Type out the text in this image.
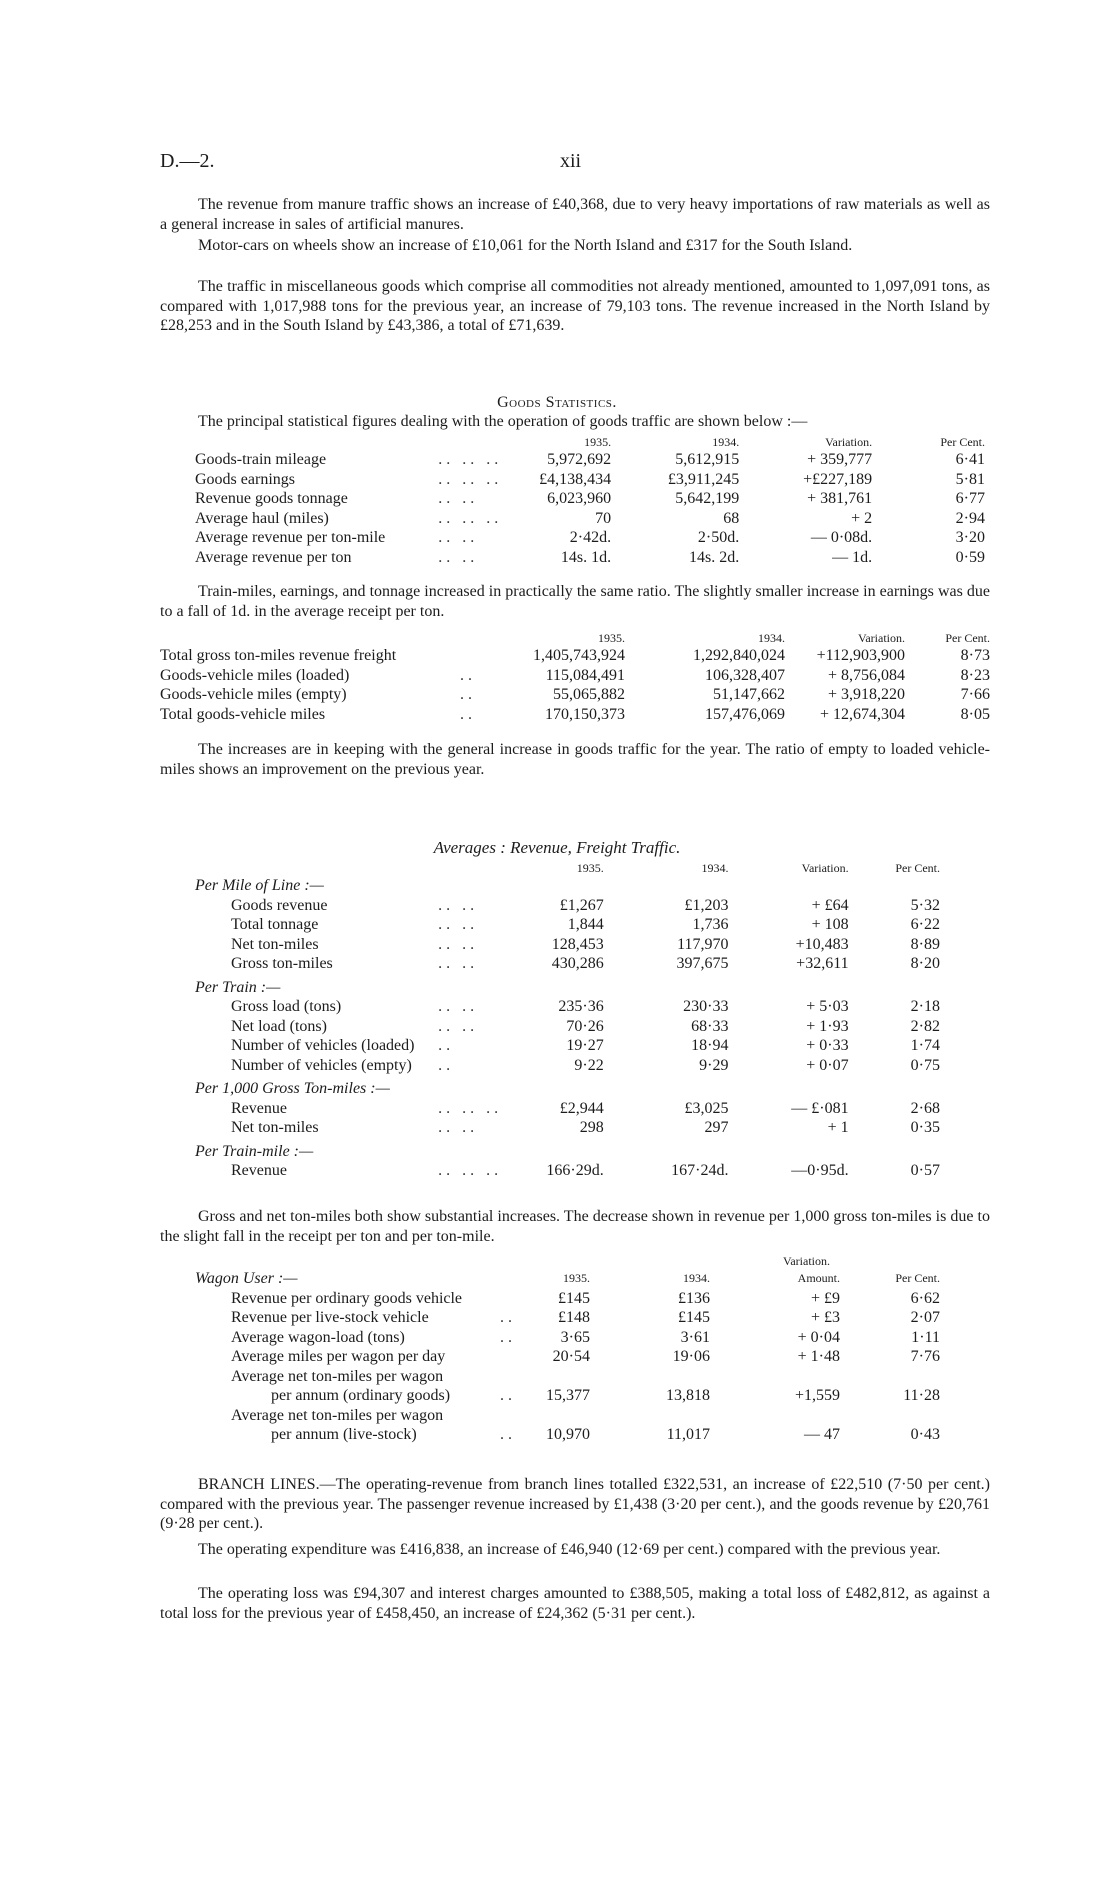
D.—2.	xii

The revenue from manure traffic shows an increase of £40,368, due to very heavy importations of raw materials as well as a general increase in sales of artificial manures.

Motor-cars on wheels show an increase of £10,061 for the North Island and £317 for the South Island.

The traffic in miscellaneous goods which comprise all commodities not already mentioned, amounted to 1,097,091 tons, as compared with 1,017,988 tons for the previous year, an increase of 79,103 tons. The revenue increased in the North Island by £28,253 and in the South Island by £43,386, a total of £71,639.

Goods Statistics.

The principal statistical figures dealing with the operation of goods traffic are shown below :—

		1935.	1934.	Variation.	Per Cent.
Goods-train mileage	.. .. ..	5,972,692	5,612,915	+ 359,777	6·41
Goods earnings	.. .. ..	£4,138,434	£3,911,245	+£227,189	5·81
Revenue goods tonnage	.. ..	6,023,960	5,642,199	+ 381,761	6·77
Average haul (miles)	.. .. ..	70	68	+ 2	2·94
Average revenue per ton-mile	.. ..	2·42d.	2·50d.	— 0·08d.	3·20
Average revenue per ton	.. ..	14s. 1d.	14s. 2d.	— 1d.	0·59

Train-miles, earnings, and tonnage increased in practically the same ratio. The slightly smaller increase in earnings was due to a fall of 1d. in the average receipt per ton.

		1935.	1934.	Variation.	Per Cent.
Total gross ton-miles revenue freight		1,405,743,924	1,292,840,024	+112,903,900	8·73
Goods-vehicle miles (loaded)	..	115,084,491	106,328,407	+ 8,756,084	8·23
Goods-vehicle miles (empty)	..	55,065,882	51,147,662	+ 3,918,220	7·66
Total goods-vehicle miles	..	170,150,373	157,476,069	+ 12,674,304	8·05

The increases are in keeping with the general increase in goods traffic for the year. The ratio of empty to loaded vehicle-miles shows an improvement on the previous year.

Averages : Revenue, Freight Traffic.
		1935.	1934.	Variation.	Per Cent.
Per Mile of Line :—					
Goods revenue	.. ..	£1,267	£1,203	+ £64	5·32
Total tonnage	.. ..	1,844	1,736	+ 108	6·22
Net ton-miles	.. ..	128,453	117,970	+10,483	8·89
Gross ton-miles	.. ..	430,286	397,675	+32,611	8·20
Per Train :—					
Gross load (tons)	.. ..	235·36	230·33	+ 5·03	2·18
Net load (tons)	.. ..	70·26	68·33	+ 1·93	2·82
Number of vehicles (loaded)	..	19·27	18·94	+ 0·33	1·74
Number of vehicles (empty)	..	9·22	9·29	+ 0·07	0·75
Per 1,000 Gross Ton-miles :—					
Revenue	.. .. ..	£2,944	£3,025	— £·081	2·68
Net ton-miles	.. ..	298	297	+ 1	0·35
Per Train-mile :—					
Revenue	.. .. ..	166·29d.	167·24d.	—0·95d.	0·57

Gross and net ton-miles both show substantial increases. The decrease shown in revenue per 1,000 gross ton-miles is due to the slight fall in the receipt per ton and per ton-mile.

				Variation.	
Wagon User :—		1935.	1934.	Amount.	Per Cent.
Revenue per ordinary goods vehicle		£145	£136	+ £9	6·62
Revenue per live-stock vehicle	..	£148	£145	+ £3	2·07
Average wagon-load (tons)	..	3·65	3·61	+ 0·04	1·11
Average miles per wagon per day		20·54	19·06	+ 1·48	7·76
Average net ton-miles per wagon					
per annum (ordinary goods)	..	15,377	13,818	+1,559	11·28
Average net ton-miles per wagon					
per annum (live-stock)	..	10,970	11,017	— 47	0·43

BRANCH LINES.—The operating-revenue from branch lines totalled £322,531, an increase of £22,510 (7·50 per cent.) compared with the previous year. The passenger revenue increased by £1,438 (3·20 per cent.), and the goods revenue by £20,761 (9·28 per cent.).

The operating expenditure was £416,838, an increase of £46,940 (12·69 per cent.) compared with the previous year.

The operating loss was £94,307 and interest charges amounted to £388,505, making a total loss of £482,812, as against a total loss for the previous year of £458,450, an increase of £24,362 (5·31 per cent.).
